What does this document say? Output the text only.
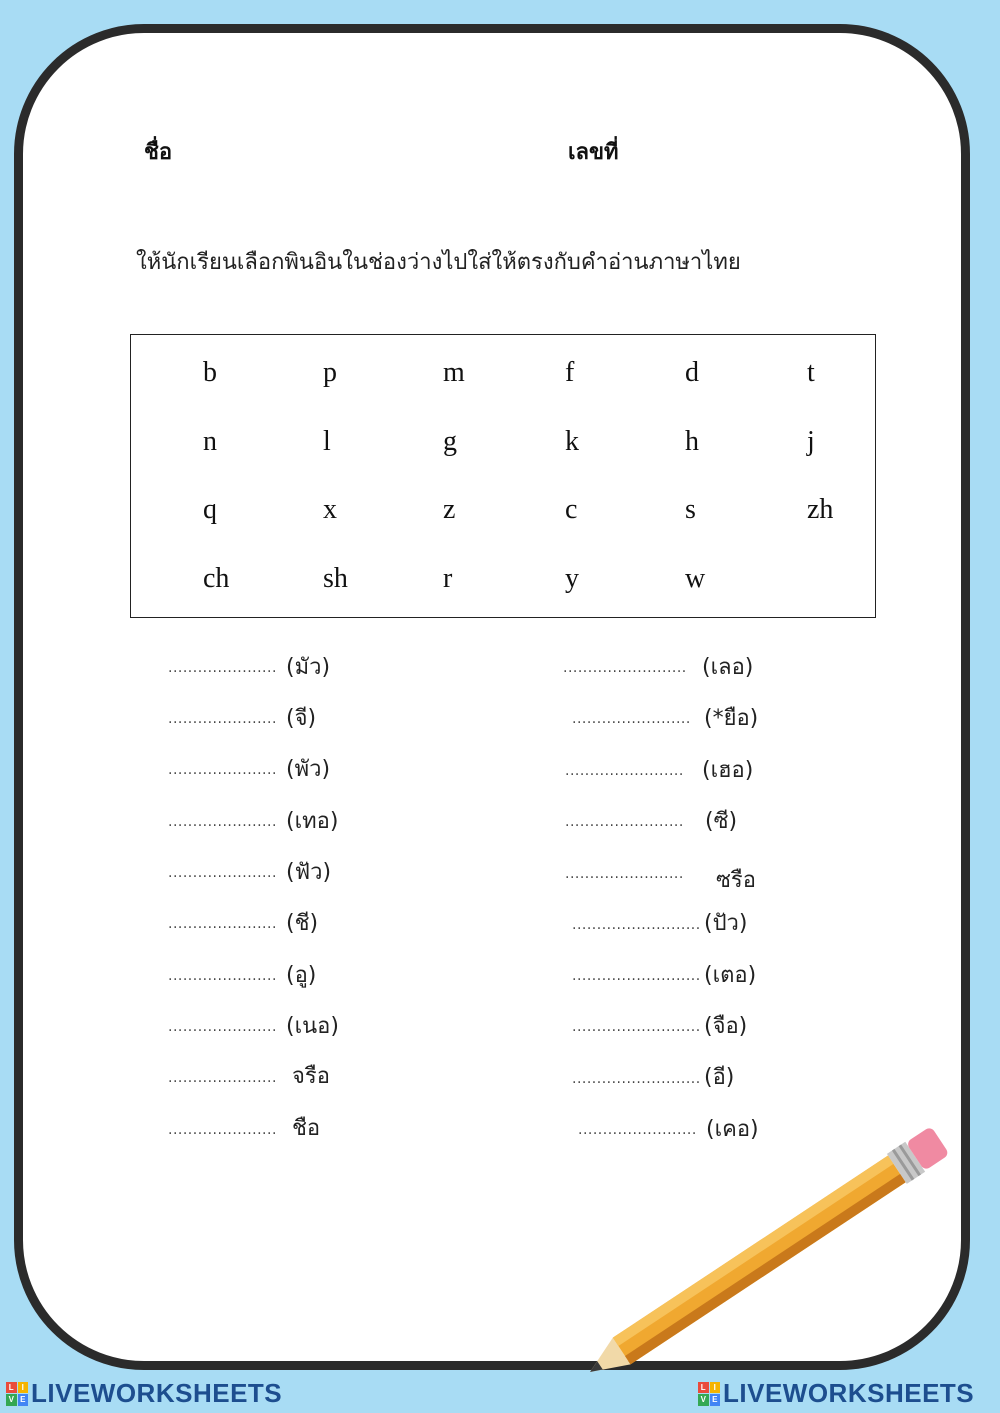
ชื่อ	เลขที่
ให้นักเรียนเลือกพินอินในช่องว่างไปใส่ให้ตรงกับคำอ่านภาษาไทย
b	p	m	f	d	t
n	l	g	k	h	j
q	x	z	c	s	zh
ch	sh	r	y	w
...................... (มัว)
...................... (จี)
...................... (พัว)
...................... (เทอ)
...................... (ฟัว)
...................... (ชี)
...................... (อู)
...................... (เนอ)
...................... จรือ
...................... ชือ
......................... (เลอ)
........................ (*ยือ)
........................ (เฮอ)
........................ (ซี)
........................ ซรือ
.......................... (ปัว)
.......................... (เตอ)
.......................... (จือ)
.......................... (อี)
........................ (เคอ)
L I
V E LIVEWORKSHEETS	L I
V E LIVEWORKSHEETS
